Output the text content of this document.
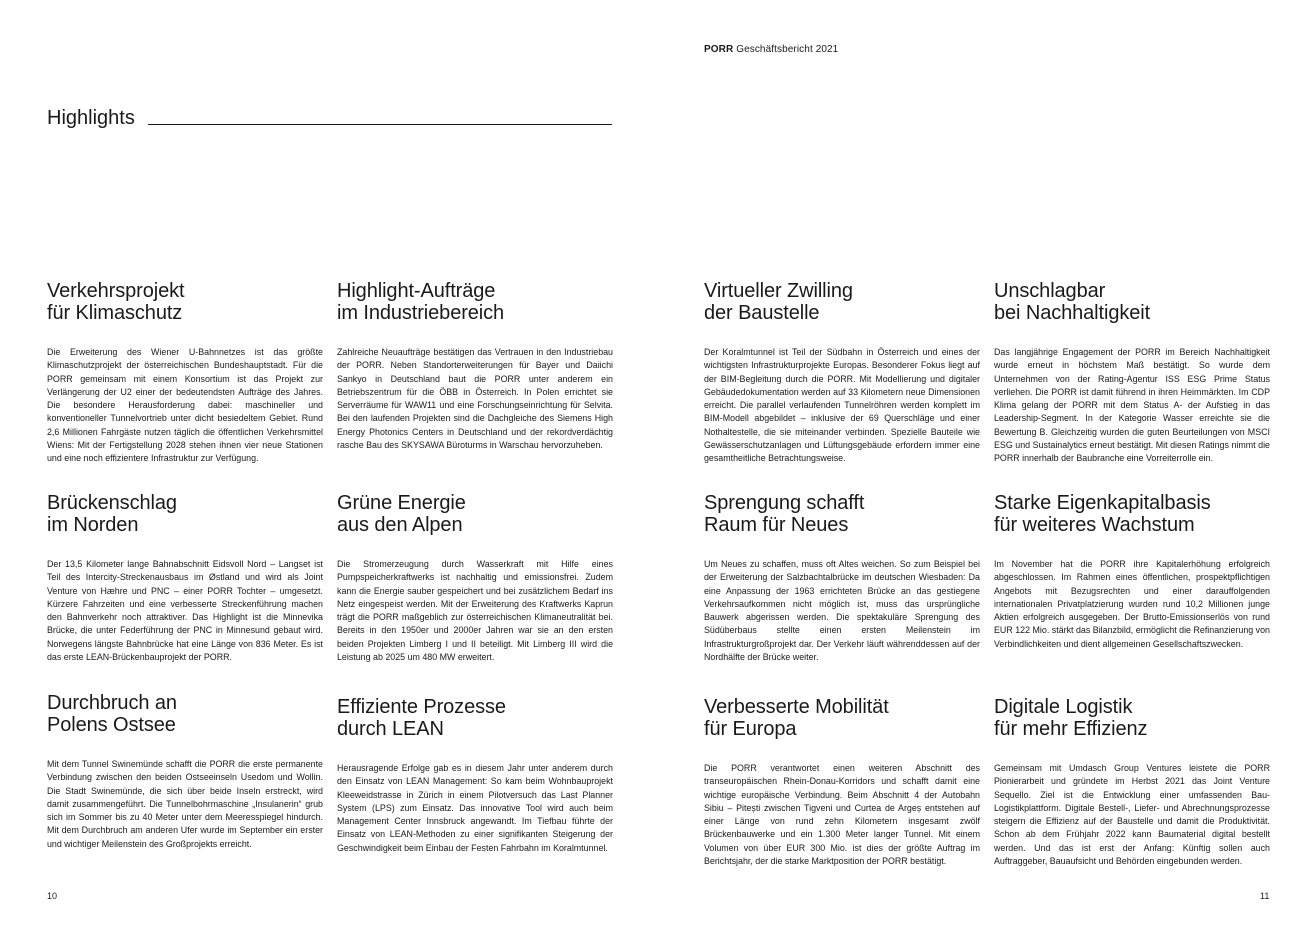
PORR Geschäftsbericht 2021
Highlights
Verkehrsprojekt
für Klimaschutz

Die Erweiterung des Wiener U-Bahnnetzes ist das größte Klimaschutzprojekt der österreichischen Bundeshauptstadt. Für die PORR gemeinsam mit einem Konsortium ist das Projekt zur Verlängerung der U2 einer der bedeutendsten Aufträge des Jahres. Die besondere Herausforderung dabei: maschineller und konventioneller Tunnelvortrieb unter dicht besiedeltem Gebiet. Rund 2,6 Millionen Fahrgäste nutzen täglich die öffentlichen Verkehrsmittel Wiens: Mit der Fertigstellung 2028 stehen ihnen vier neue Stationen und eine noch effizientere Infrastruktur zur Verfügung.

Highlight-Aufträge
im Industriebereich

Zahlreiche Neuaufträge bestätigen das Vertrauen in den Industriebau der PORR. Neben Standorterweiterungen für Bayer und Daiichi Sankyo in Deutschland baut die PORR unter anderem ein Betriebszentrum für die ÖBB in Österreich. In Polen errichtet sie Serverräume für WAW11 und eine Forschungseinrichtung für Selvita. Bei den laufenden Projekten sind die Dachgleiche des Siemens High Energy Photonics Centers in Deutschland und der rekordverdächtig rasche Bau des SKYSAWA Büroturms in Warschau hervorzuheben.

Virtueller Zwilling
der Baustelle

Der Koralmtunnel ist Teil der Südbahn in Österreich und eines der wichtigsten Infrastrukturprojekte Europas. Besonderer Fokus liegt auf der BIM-Begleitung durch die PORR. Mit Modellierung und digitaler Gebäudedokumentation werden auf 33 Kilometern neue Dimensionen erreicht. Die parallel verlaufenden Tunnelröhren werden komplett im BIM-Modell abgebildet – inklusive der 69 Querschläge und einer Nothaltestelle, die sie miteinander verbinden. Spezielle Bauteile wie Gewässerschutzanlagen und Lüftungsgebäude erfordern immer eine gesamtheitliche Betrachtungsweise.

Unschlagbar
bei Nachhaltigkeit

Das langjährige Engagement der PORR im Bereich Nachhaltigkeit wurde erneut in höchstem Maß bestätigt. So wurde dem Unternehmen von der Rating-Agentur ISS ESG Prime Status verliehen. Die PORR ist damit führend in ihren Heimmärkten. Im CDP Klima gelang der PORR mit dem Status A- der Aufstieg in das Leadership-Segment. In der Kategorie Wasser erreichte sie die Bewertung B. Gleichzeitig wurden die guten Beurteilungen von MSCI ESG und Sustainalytics erneut bestätigt. Mit diesen Ratings nimmt die PORR innerhalb der Baubranche eine Vorreiterrolle ein.

Brückenschlag
im Norden

Der 13,5 Kilometer lange Bahnabschnitt Eidsvoll Nord – Langset ist Teil des Intercity-Streckenausbaus im Østland und wird als Joint Venture von Hæhre und PNC – einer PORR Tochter – umgesetzt. Kürzere Fahrzeiten und eine verbesserte Streckenführung machen den Bahnverkehr noch attraktiver. Das Highlight ist die Minnevika Brücke, die unter Federführung der PNC in Minnesund gebaut wird. Norwegens längste Bahnbrücke hat eine Länge von 836 Meter. Es ist das erste LEAN-Brückenbauprojekt der PORR.

Grüne Energie
aus den Alpen

Die Stromerzeugung durch Wasserkraft mit Hilfe eines Pumpspeicherkraftwerks ist nachhaltig und emissionsfrei. Zudem kann die Energie sauber gespeichert und bei zusätzlichem Bedarf ins Netz eingespeist werden. Mit der Erweiterung des Kraftwerks Kaprun trägt die PORR maßgeblich zur österreichischen Klimaneutralität bei. Bereits in den 1950er und 2000er Jahren war sie an den ersten beiden Projekten Limberg I und II beteiligt. Mit Limberg III wird die Leistung ab 2025 um 480 MW erweitert.

Sprengung schafft
Raum für Neues

Um Neues zu schaffen, muss oft Altes weichen. So zum Beispiel bei der Erweiterung der Salzbachtalbrücke im deutschen Wiesbaden: Da eine Anpassung der 1963 errichteten Brücke an das gestiegene Verkehrsaufkommen nicht möglich ist, muss das ursprüngliche Bauwerk abgerissen werden. Die spektakuläre Sprengung des Südüberbaus stellte einen ersten Meilenstein im Infrastrukturgroßprojekt dar. Der Verkehr läuft währenddessen auf der Nordhälfte der Brücke weiter.

Starke Eigenkapitalbasis
für weiteres Wachstum

Im November hat die PORR ihre Kapitalerhöhung erfolgreich abgeschlossen. Im Rahmen eines öffentlichen, prospektpflichtigen Angebots mit Bezugsrechten und einer darauffolgenden internationalen Privatplatzierung wurden rund 10,2 Millionen junge Aktien erfolgreich ausgegeben. Der Brutto-Emissionserlös von rund EUR 122 Mio. stärkt das Bilanzbild, ermöglicht die Refinanzierung von Verbindlichkeiten und dient allgemeinen Gesellschaftszwecken.

Durchbruch an
Polens Ostsee

Mit dem Tunnel Swinemünde schafft die PORR die erste permanente Verbindung zwischen den beiden Ostseeinseln Usedom und Wollin. Die Stadt Swinemünde, die sich über beide Inseln erstreckt, wird damit zusammengeführt. Die Tunnelbohrmaschine „Insulanerin“ grub sich im Sommer bis zu 40 Meter unter dem Meeresspiegel hindurch. Mit dem Durchbruch am anderen Ufer wurde im September ein erster und wichtiger Meilenstein des Großprojekts erreicht.

Effiziente Prozesse
durch LEAN

Herausragende Erfolge gab es in diesem Jahr unter anderem durch den Einsatz von LEAN Management: So kam beim Wohnbauprojekt Kleeweidstrasse in Zürich in einem Pilotversuch das Last Planner System (LPS) zum Einsatz. Das innovative Tool wird auch beim Management Center Innsbruck angewandt. Im Tiefbau führte der Einsatz von LEAN-Methoden zu einer signifikanten Steigerung der Geschwindigkeit beim Einbau der Festen Fahrbahn im Koralmtunnel.

Verbesserte Mobilität
für Europa

Die PORR verantwortet einen weiteren Abschnitt des transeuropäischen Rhein-Donau-Korridors und schafft damit eine wichtige europäische Verbindung. Beim Abschnitt 4 der Autobahn Sibiu – Pitești zwischen Tigveni und Curtea de Argeș entstehen auf einer Länge von rund zehn Kilometern insgesamt zwölf Brückenbauwerke und ein 1.300 Meter langer Tunnel. Mit einem Volumen von über EUR 300 Mio. ist dies der größte Auftrag im Berichtsjahr, der die starke Marktposition der PORR bestätigt.

Digitale Logistik
für mehr Effizienz

Gemeinsam mit Umdasch Group Ventures leistete die PORR Pionierarbeit und gründete im Herbst 2021 das Joint Venture Sequello. Ziel ist die Entwicklung einer umfassenden Bau-Logistikplattform. Digitale Bestell-, Liefer- und Abrechnungsprozesse steigern die Effizienz auf der Baustelle und damit die Produktivität. Schon ab dem Frühjahr 2022 kann Baumaterial digital bestellt werden. Und das ist erst der Anfang: Künftig sollen auch Auftraggeber, Bauaufsicht und Behörden eingebunden werden.

10	11
